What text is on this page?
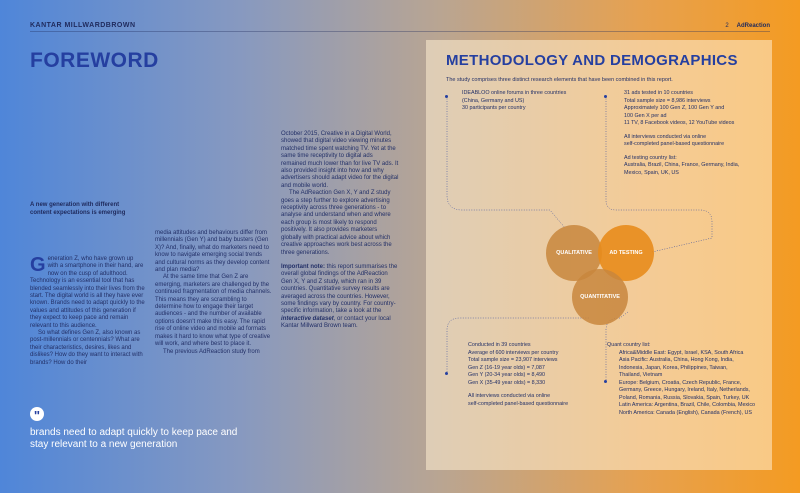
KANTAR MILLWARDBROWN	2 AdReaction
FOREWORD
A new generation with different content expectations is emerging
Generation Z, who have grown up with a smartphone in their hand, are now on the cusp of adulthood. Technology is an essential tool that has blended seamlessly into their lives from the start. The digital world is all they have ever known. Brands need to adapt quickly to the values and attitudes of this generation if they expect to keep pace and remain relevant to this audience.
So what defines Gen Z, also known as post-millennials or centennials? What are their characteristics, desires, likes and dislikes? How do they want to interact with brands? How do their

media attitudes and behaviours differ from millennials (Gen Y) and baby busters (Gen X)? And, finally, what do marketers need to know to navigate emerging social trends and cultural norms as they develop content and plan media?

At the same time that Gen Z are emerging, marketers are challenged by the continued fragmentation of media channels. This means they are scrambling to determine how to engage their target audiences - and the number of available options doesn't make this easy. The rapid rise of online video and mobile ad formats makes it hard to know what type of creative will work, and where best to place it.

The previous AdReaction study from

October 2015, Creative in a Digital World, showed that digital video viewing minutes matched time spent watching TV. Yet at the same time receptivity to digital ads remained much lower than for live TV ads. It also provided insight into how and why advertisers should adapt video for the digital and mobile world.

The AdReaction Gen X, Y and Z study goes a step further to explore advertising receptivity across three generations - to analyse and understand when and where each group is most likely to respond positively. It also provides marketers globally with practical advice about which creative approaches work best across the three generations.

Important note: this report summarises the overall global findings of the AdReaction Gen X, Y and Z study, which ran in 39 countries. Quantitative survey results are averaged across the countries. However, some findings vary by country. For country-specific information, take a look at the interactive dataset, or contact your local Kantar Millward Brown team.

"
brands need to adapt quickly to keep pace and stay relevant to a new generation
METHODOLOGY AND DEMOGRAPHICS
The study comprises three distinct research elements that have been combined in this report.
IDEABLOO online forums in three countries
(China, Germany and US)
30 participants per country
31 ads tested in 10 countries
Total sample size = 8,986 interviews
Approximately 100 Gen Z, 100 Gen Y and
100 Gen X per ad
11 TV, 8 Facebook videos, 12 YouTube videos
All interviews conducted via online
self-completed panel-based questionnaire
Ad testing country list:
Australia, Brazil, China, France, Germany, India,
Mexico, Spain, UK, US
QUALITATIVE	AD TESTING
QUANTITATIVE
Conducted in 39 countries
Average of 600 interviews per country
Total sample size = 23,907 interviews
Gen Z (16-19 year olds) = 7,087
Gen Y (20-34 year olds) = 8,490
Gen X (35-49 year olds) = 8,330
All interviews conducted via online
self-completed panel-based questionnaire
Quant country list:
Africa&Middle East: Egypt, Israel, KSA, South Africa
Asia Pacific: Australia, China, Hong Kong, India,
Indonesia, Japan, Korea, Philippines, Taiwan,
Thailand, Vietnam
Europe: Belgium, Croatia, Czech Republic, France,
Germany, Greece, Hungary, Ireland, Italy, Netherlands,
Poland, Romania, Russia, Slovakia, Spain, Turkey, UK
Latin America: Argentina, Brazil, Chile, Colombia, Mexico
North America: Canada (English), Canada (French), US
